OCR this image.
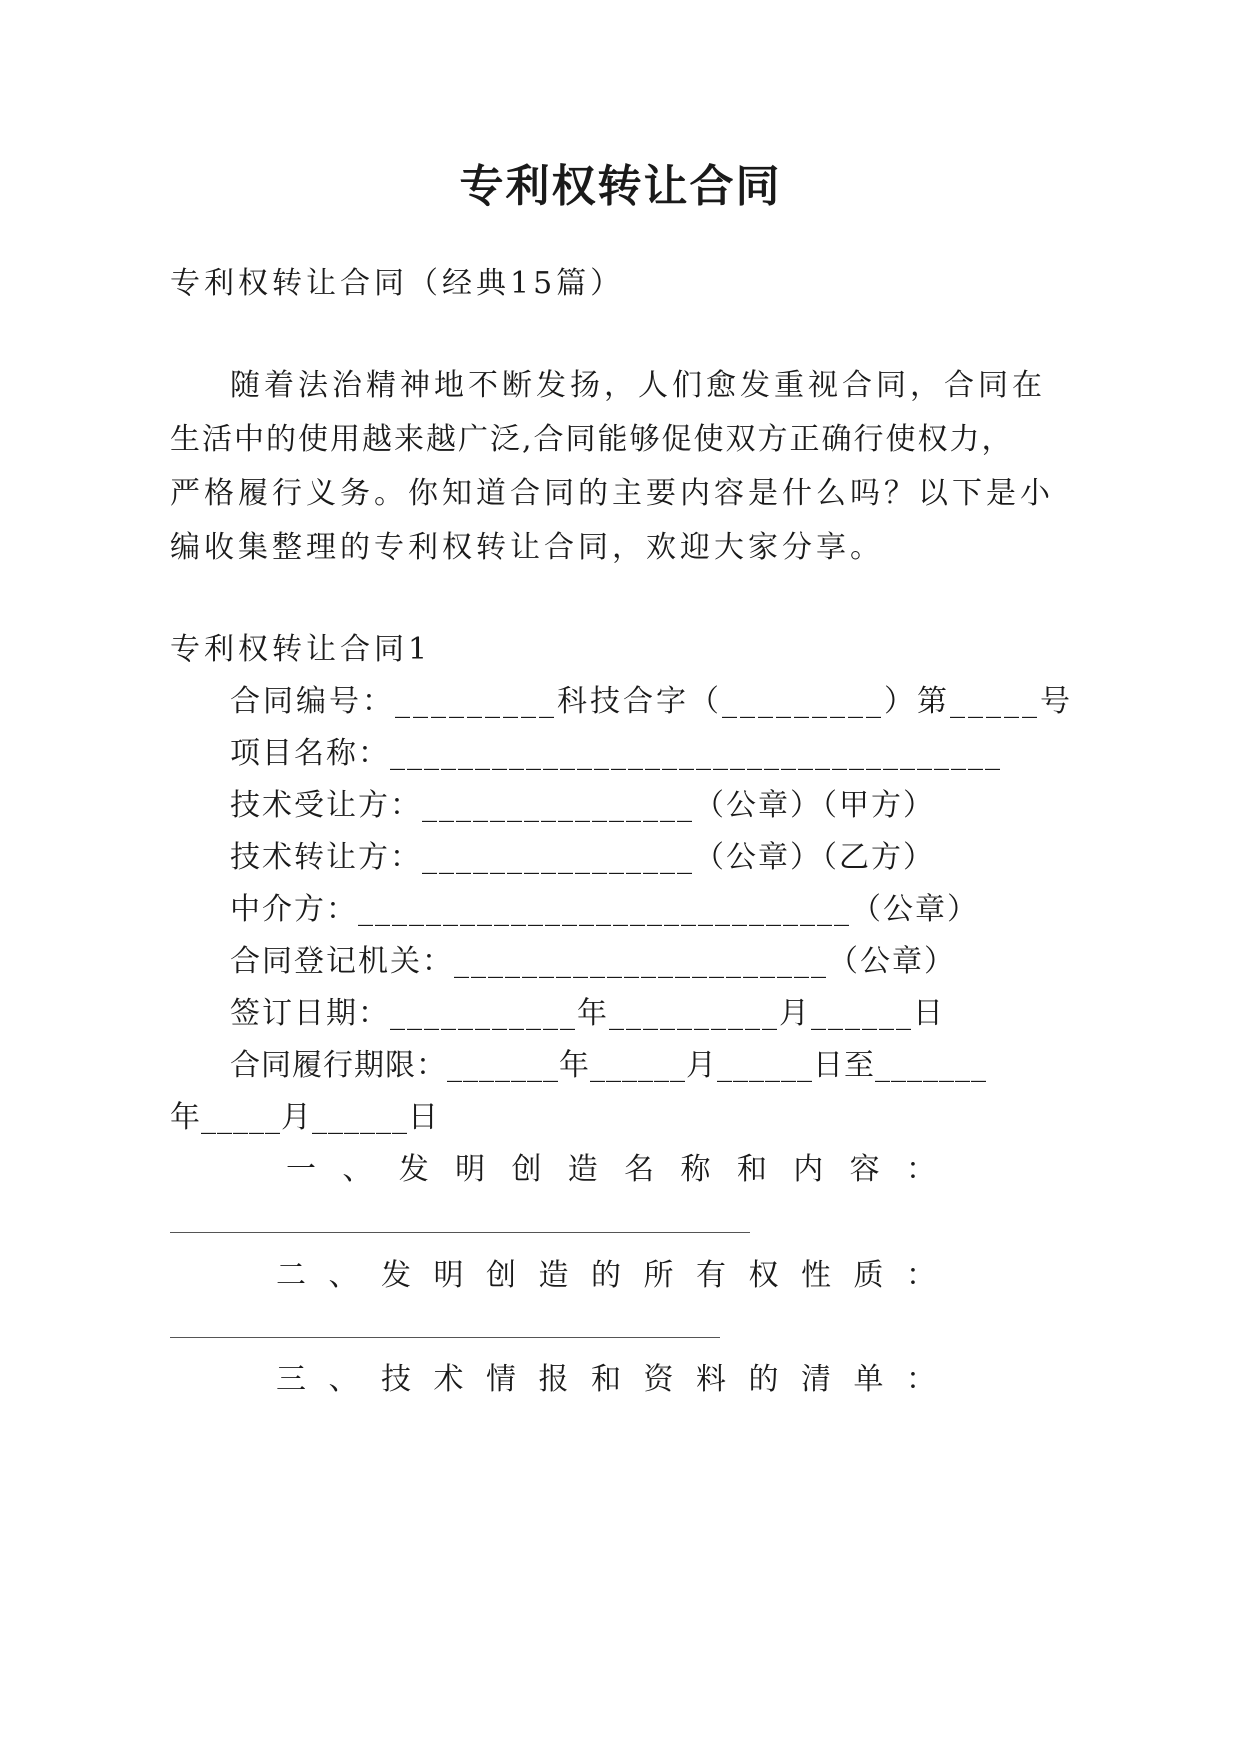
专利权转让合同
专利权转让合同（经典15篇）
随着法治精神地不断发扬，人们愈发重视合同，合同在
生活中的使用越来越广泛,合同能够促使双方正确行使权力，
严格履行义务。你知道合同的主要内容是什么吗？以下是小
编收集整理的专利权转让合同，欢迎大家分享。
专利权转让合同1
合同编号：_________科技合字（_________）第_____号
项目名称：____________________________________
技术受让方：________________（公章）（甲方）
技术转让方：________________（公章）（乙方）
中介方：_____________________________（公章）
合同登记机关：______________________（公章）
签订日期：___________年__________月______日
合同履行期限：_______年______月______日至_______
年_____月______日
一 、 发 明 创 造 名 称 和 内 容 ：
二 、 发 明 创 造 的 所 有 权 性 质 ：
三 、 技 术 情 报 和 资 料 的 清 单 ：
